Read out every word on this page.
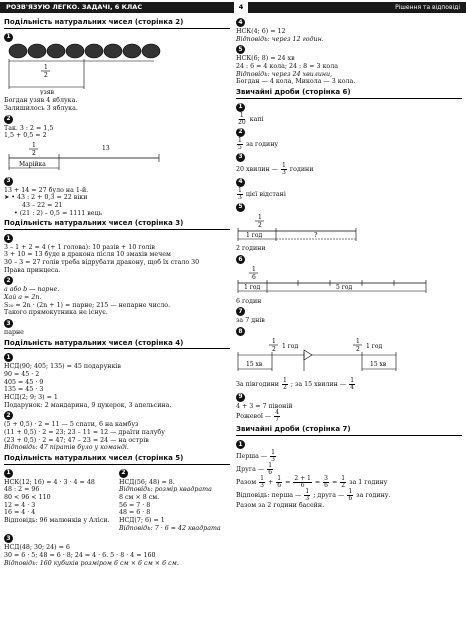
РОЗВ'ЯЗУЮ ЛЕГКО. ЗАДАЧІ, 6 КЛАС	4	Рішення та відповіді
Подільність натуральних чисел (сторінка 2)
1
1
2
узяв
Богдан узяв 4 яблука.
Залишилось 3 яблука.
2
Так. 3 : 2 = 1,5
1,5 + 0,5 = 2
1
2
13
Марійка
3
13 + 14 = 27 було на 1-й.
➤ • 43 : 2 + 0,3 = 22 віки
43 – 22 = 21
• (21 : 2) – 0,5 = 1111 вець
Подільність натуральних чисел (сторінка 3)
1
3 – 1 + 2 = 4 (+ 1 голова): 10 разів + 10 голів
3 + 10 = 13 буде в дракона після 10 змахів мечем
30 – 3 = 27 голів треба відрубати дракону, щоб їх стало 30
Права принцеса.
2
a або b — парне.
Хай a = 2n.
S₂₀ = 2n · (2n + 1) = парне; 215 — непарне число.
Такого прямокутника не існує.
3
парне
Подільність натуральних чисел (сторінка 4)
1
НСД(90; 405; 135) = 45 подарунків
90 = 45 · 2
405 = 45 · 9
135 = 45 · 3
НСД(2; 9; 3) = 1
Подарунок: 2 мандарина, 9 цукерок, 3 апельсина.
2
(5 + 0,5) · 2 = 11 — 5 спати, 6 на камбуз
(11 + 0,5) · 2 = 23; 23 – 11 = 12 — драїти палубу
(23 + 0,5) · 2 = 47; 47 – 23 = 24 — на острів
Відповідь: 47 піратів було у команді.
Подільність натуральних чисел (сторінка 5)
1
НСК(12; 16) = 4 · 3 · 4 = 48
48 : 2 = 96
80 < 96 < 110
12 = 4 · 3
16 = 4 · 4
Відповідь: 96 малюнків у Аліси.
2
НСД(56; 48) = 8.
Відповідь: розмір квадрата
8 см × 8 см.
56 = 7 · 8
48 = 6 · 8
НСД(7; 6) = 1
Відповідь: 7 · 6 = 42 квадрата
3
НСД(48; 30; 24) = 6
30 = 6 · 5; 48 = 6 · 8; 24 = 4 · 6. 5 · 8 · 4 = 160
Відповідь: 160 кубиків розміром 6 см × 6 см × 6 см.
4
НСК(4; 6) = 12
Відповідь: через 12 годин.
5
НСК(6; 8) = 24 хв
24 : 6 = 4 кола; 24 : 8 = 3 кола
Відповідь: через 24 хвилини,
Богдан — 4 кола, Микола — 3 кола.
Звичайні дроби (сторінка 6)
1
$\frac{1}{20}$ капі
2
$\frac{1}{5}$ за годину
3
20 хвилин — $\frac{1}{3}$ години
4
$\frac{1}{3}$ цієї відстані
5
1
2
1 год	?
2 години
6
1
6
1 год	5 год
6 годин
7
за 7 днів
8
1
2 1 год
1
2 1 год
15 хв	15 хв
За півгодини $\frac{1}{2}$ ; за 15 хвилин — $\frac{1}{4}$
9
4 + 3 = 7 півоній
Рожевої — $\frac{4}{7}$
Звичайні дроби (сторінка 7)
1
Перша — $\frac{1}{3}$
Друга — $\frac{1}{6}$
Разом $\frac{1}{3} + \frac{1}{6} = \frac{2 + 1}{6} = \frac{3}{6} = \frac{1}{2}$ за 1 годину
Відповідь: перша — $\frac{1}{3}$ ; друга — $\frac{1}{6}$ за годину.
Разом за 2 години басейн.
